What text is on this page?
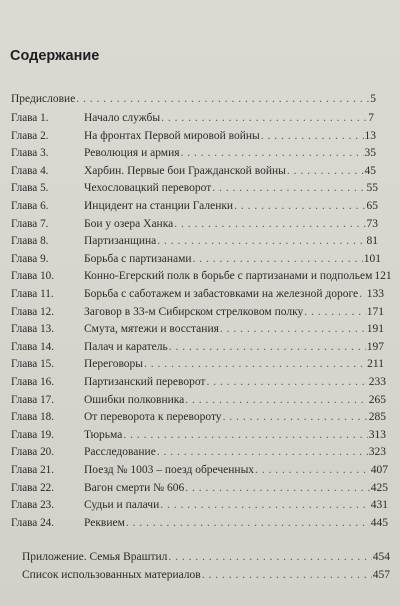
Содержание
Предисловие . . .	5
Глава 1.	Начало службы . . .	7
Глава 2.	На фронтах Первой мировой войны . . .	13
Глава 3.	Революция и армия . . .	35
Глава 4.	Харбин. Первые бои Гражданской войны . . .	45
Глава 5.	Чехословацкий переворот . . .	55
Глава 6.	Инцидент на станции Галенки . . .	65
Глава 7.	Бои у озера Ханка . . .	73
Глава 8.	Партизанщина . . .	81
Глава 9.	Борьба с партизанами . . .	101
Глава 10.	Конно-Егерский полк в борьбе с партизанами и подпольем 121
Глава 11.	Борьба с саботажем и забастовками на железной дороге . . . 133
Глава 12.	Заговор в 33-м Сибирском стрелковом полку . . .	171
Глава 13.	Смута, мятежи и восстания . . .	191
Глава 14.	Палач и каратель . . .	197
Глава 15.	Переговоры . . .	211
Глава 16.	Партизанский переворот . . .	233
Глава 17.	Ошибки полковника . . .	265
Глава 18.	От переворота к перевороту . . .	285
Глава 19.	Тюрьма . . .	313
Глава 20.	Расследование . . .	323
Глава 21.	Поезд № 1003 – поезд обреченных . . .	407
Глава 22.	Вагон смерти № 606 . . .	425
Глава 23.	Судьи и палачи . . .	431
Глава 24.	Реквием . . .	445
Приложение. Семья Враштил . . .	454
Список использованных материалов . . .	457
